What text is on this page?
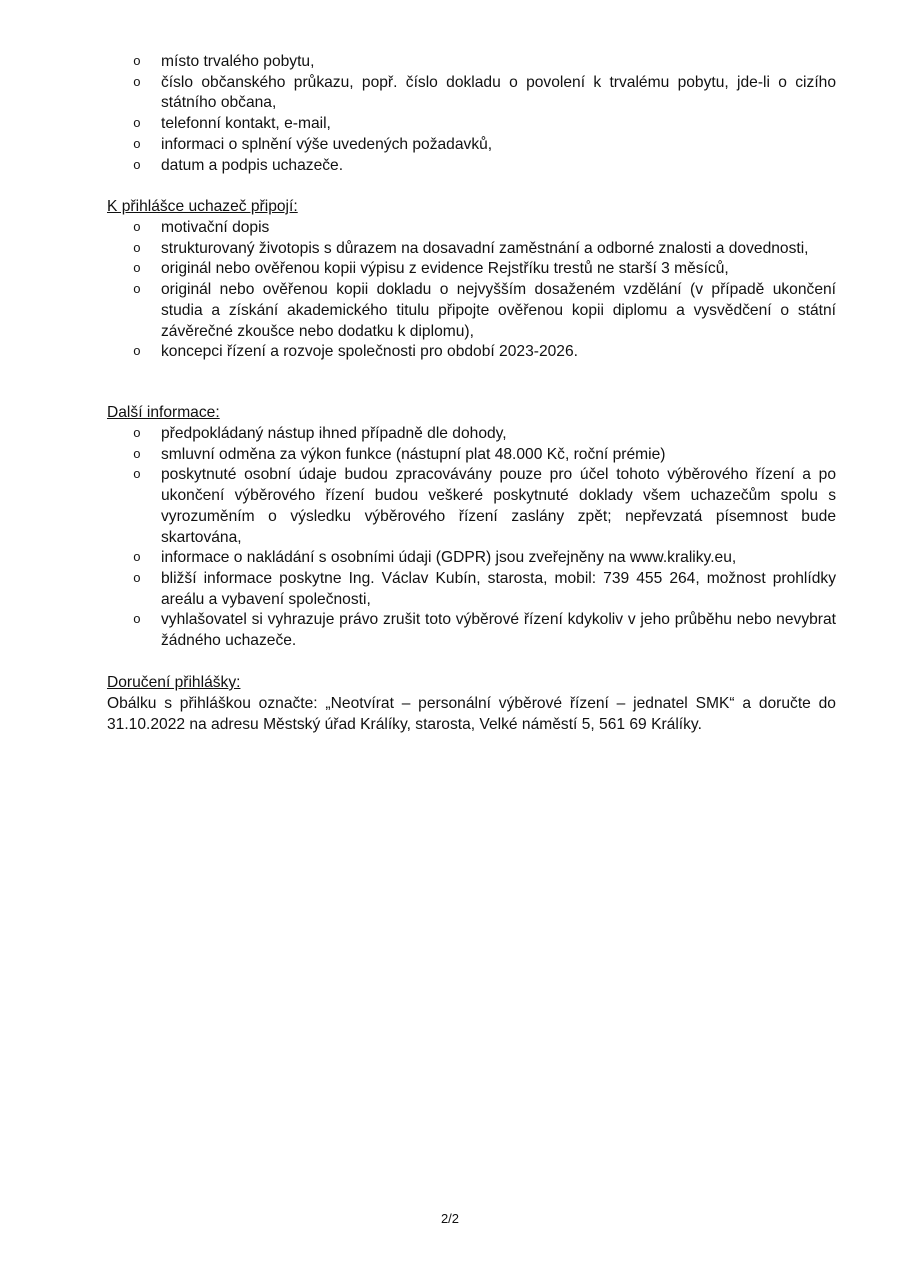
o místo trvalého pobytu,
o číslo občanského průkazu, popř. číslo dokladu o povolení k trvalému pobytu, jde-li o cizího státního občana,
o telefonní kontakt, e-mail,
o informaci o splnění výše uvedených požadavků,
o datum a podpis uchazeče.

K přihlášce uchazeč připojí:

o motivační dopis
o strukturovaný životopis s důrazem na dosavadní zaměstnání a odborné znalosti a dovednosti,
o originál nebo ověřenou kopii výpisu z evidence Rejstříku trestů ne starší 3 měsíců,
o originál nebo ověřenou kopii dokladu o nejvyšším dosaženém vzdělání (v případě ukončení studia a získání akademického titulu připojte ověřenou kopii diplomu a vysvědčení o státní závěrečné zkoušce nebo dodatku k diplomu),
o koncepci řízení a rozvoje společnosti pro období 2023-2026.

Další informace:

o předpokládaný nástup ihned případně dle dohody,
o smluvní odměna za výkon funkce (nástupní plat 48.000 Kč, roční prémie)
o poskytnuté osobní údaje budou zpracovávány pouze pro účel tohoto výběrového řízení a po ukončení výběrového řízení budou veškeré poskytnuté doklady všem uchazečům spolu s vyrozuměním o výsledku výběrového řízení zaslány zpět; nepřevzatá písemnost bude skartována,
o informace o nakládání s osobními údaji (GDPR) jsou zveřejněny na www.kraliky.eu,
o bližší informace poskytne Ing. Václav Kubín, starosta, mobil: 739 455 264, možnost prohlídky areálu a vybavení společnosti,
o vyhlašovatel si vyhrazuje právo zrušit toto výběrové řízení kdykoliv v jeho průběhu nebo nevybrat žádného uchazeče.

Doručení přihlášky:

Obálku s přihláškou označte: „Neotvírat – personální výběrové řízení – jednatel SMK“ a doručte do 31.10.2022 na adresu Městský úřad Králíky, starosta, Velké náměstí 5, 561 69 Králíky.

2/2
